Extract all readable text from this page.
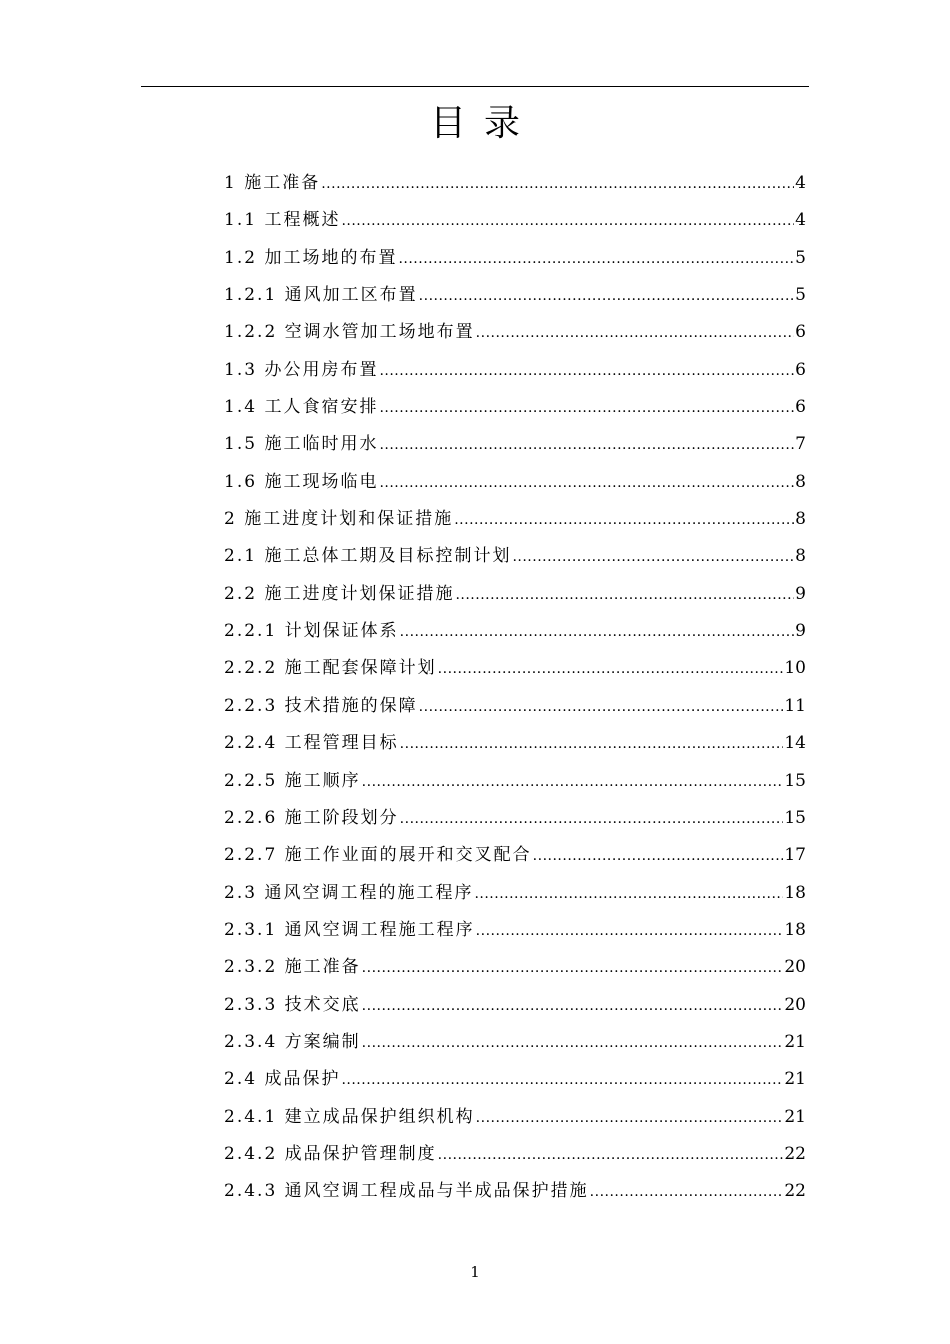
目录
1 施工准备 .....	4
1.1 工程概述 .....	4
1.2 加工场地的布置 .....	5
1.2.1 通风加工区布置 .....	5
1.2.2 空调水管加工场地布置 .....	6
1.3 办公用房布置 .....	6
1.4 工人食宿安排 .....	6
1.5 施工临时用水 .....	7
1.6 施工现场临电 .....	8
2 施工进度计划和保证措施 .....	8
2.1 施工总体工期及目标控制计划 .....	8
2.2 施工进度计划保证措施 .....	9
2.2.1 计划保证体系 .....	9
2.2.2 施工配套保障计划 .....	10
2.2.3 技术措施的保障 .....	11
2.2.4 工程管理目标 .....	14
2.2.5 施工顺序 .....	15
2.2.6 施工阶段划分 .....	15
2.2.7 施工作业面的展开和交叉配合 .....	17
2.3 通风空调工程的施工程序 .....	18
2.3.1 通风空调工程施工程序 .....	18
2.3.2 施工准备 .....	20
2.3.3 技术交底 .....	20
2.3.4 方案编制 .....	21
2.4 成品保护 .....	21
2.4.1 建立成品保护组织机构 .....	21
2.4.2 成品保护管理制度 .....	22
2.4.3 通风空调工程成品与半成品保护措施 .....	22
1
